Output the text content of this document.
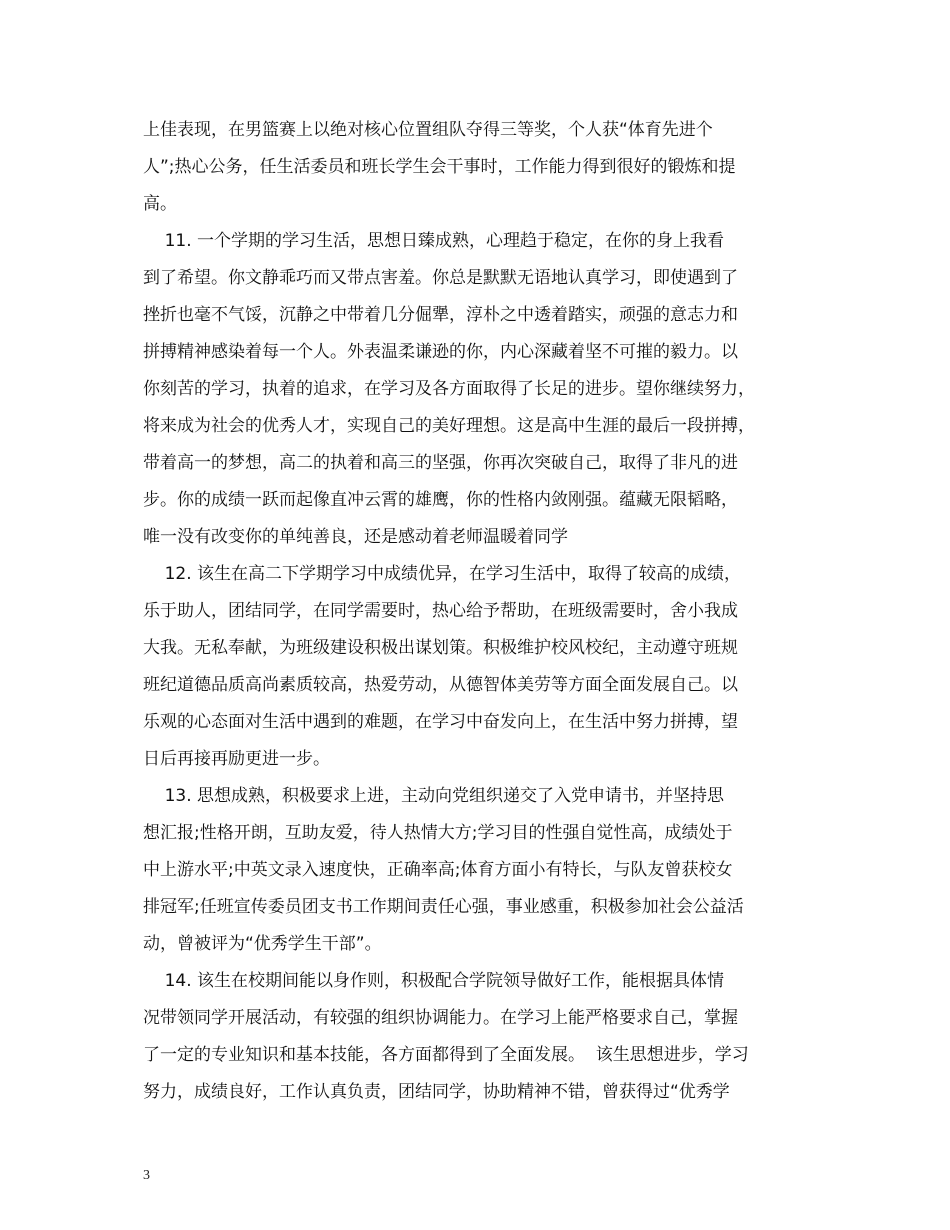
上佳表现，在男篮赛上以绝对核心位置组队夺得三等奖，个人获“体育先进个
人”;热心公务，任生活委员和班长学生会干事时，工作能力得到很好的锻炼和提
高。
11. 一个学期的学习生活，思想日臻成熟，心理趋于稳定，在你的身上我看
到了希望。你文静乖巧而又带点害羞。你总是默默无语地认真学习，即使遇到了
挫折也毫不气馁，沉静之中带着几分倔犟，淳朴之中透着踏实，顽强的意志力和
拼搏精神感染着每一个人。外表温柔谦逊的你，内心深藏着坚不可摧的毅力。以
你刻苦的学习，执着的追求，在学习及各方面取得了长足的进步。望你继续努力，
将来成为社会的优秀人才，实现自己的美好理想。这是高中生涯的最后一段拼搏，
带着高一的梦想，高二的执着和高三的坚强，你再次突破自己，取得了非凡的进
步。你的成绩一跃而起像直冲云霄的雄鹰，你的性格内敛刚强。蕴藏无限韬略，
唯一没有改变你的单纯善良，还是感动着老师温暖着同学
12. 该生在高二下学期学习中成绩优异，在学习生活中，取得了较高的成绩，
乐于助人，团结同学，在同学需要时，热心给予帮助，在班级需要时，舍小我成
大我。无私奉献，为班级建设积极出谋划策。积极维护校风校纪，主动遵守班规
班纪道德品质高尚素质较高，热爱劳动，从德智体美劳等方面全面发展自己。以
乐观的心态面对生活中遇到的难题，在学习中奋发向上，在生活中努力拼搏，望
日后再接再励更进一步。
13. 思想成熟，积极要求上进，主动向党组织递交了入党申请书，并坚持思
想汇报;性格开朗，互助友爱，待人热情大方;学习目的性强自觉性高，成绩处于
中上游水平;中英文录入速度快，正确率高;体育方面小有特长，与队友曾获校女
排冠军;任班宣传委员团支书工作期间责任心强，事业感重，积极参加社会公益活
动，曾被评为“优秀学生干部”。
14. 该生在校期间能以身作则，积极配合学院领导做好工作，能根据具体情
况带领同学开展活动，有较强的组织协调能力。在学习上能严格要求自己，掌握
了一定的专业知识和基本技能，各方面都得到了全面发展。  该生思想进步，学习
努力，成绩良好，工作认真负责，团结同学，协助精神不错，曾获得过“优秀学
3
